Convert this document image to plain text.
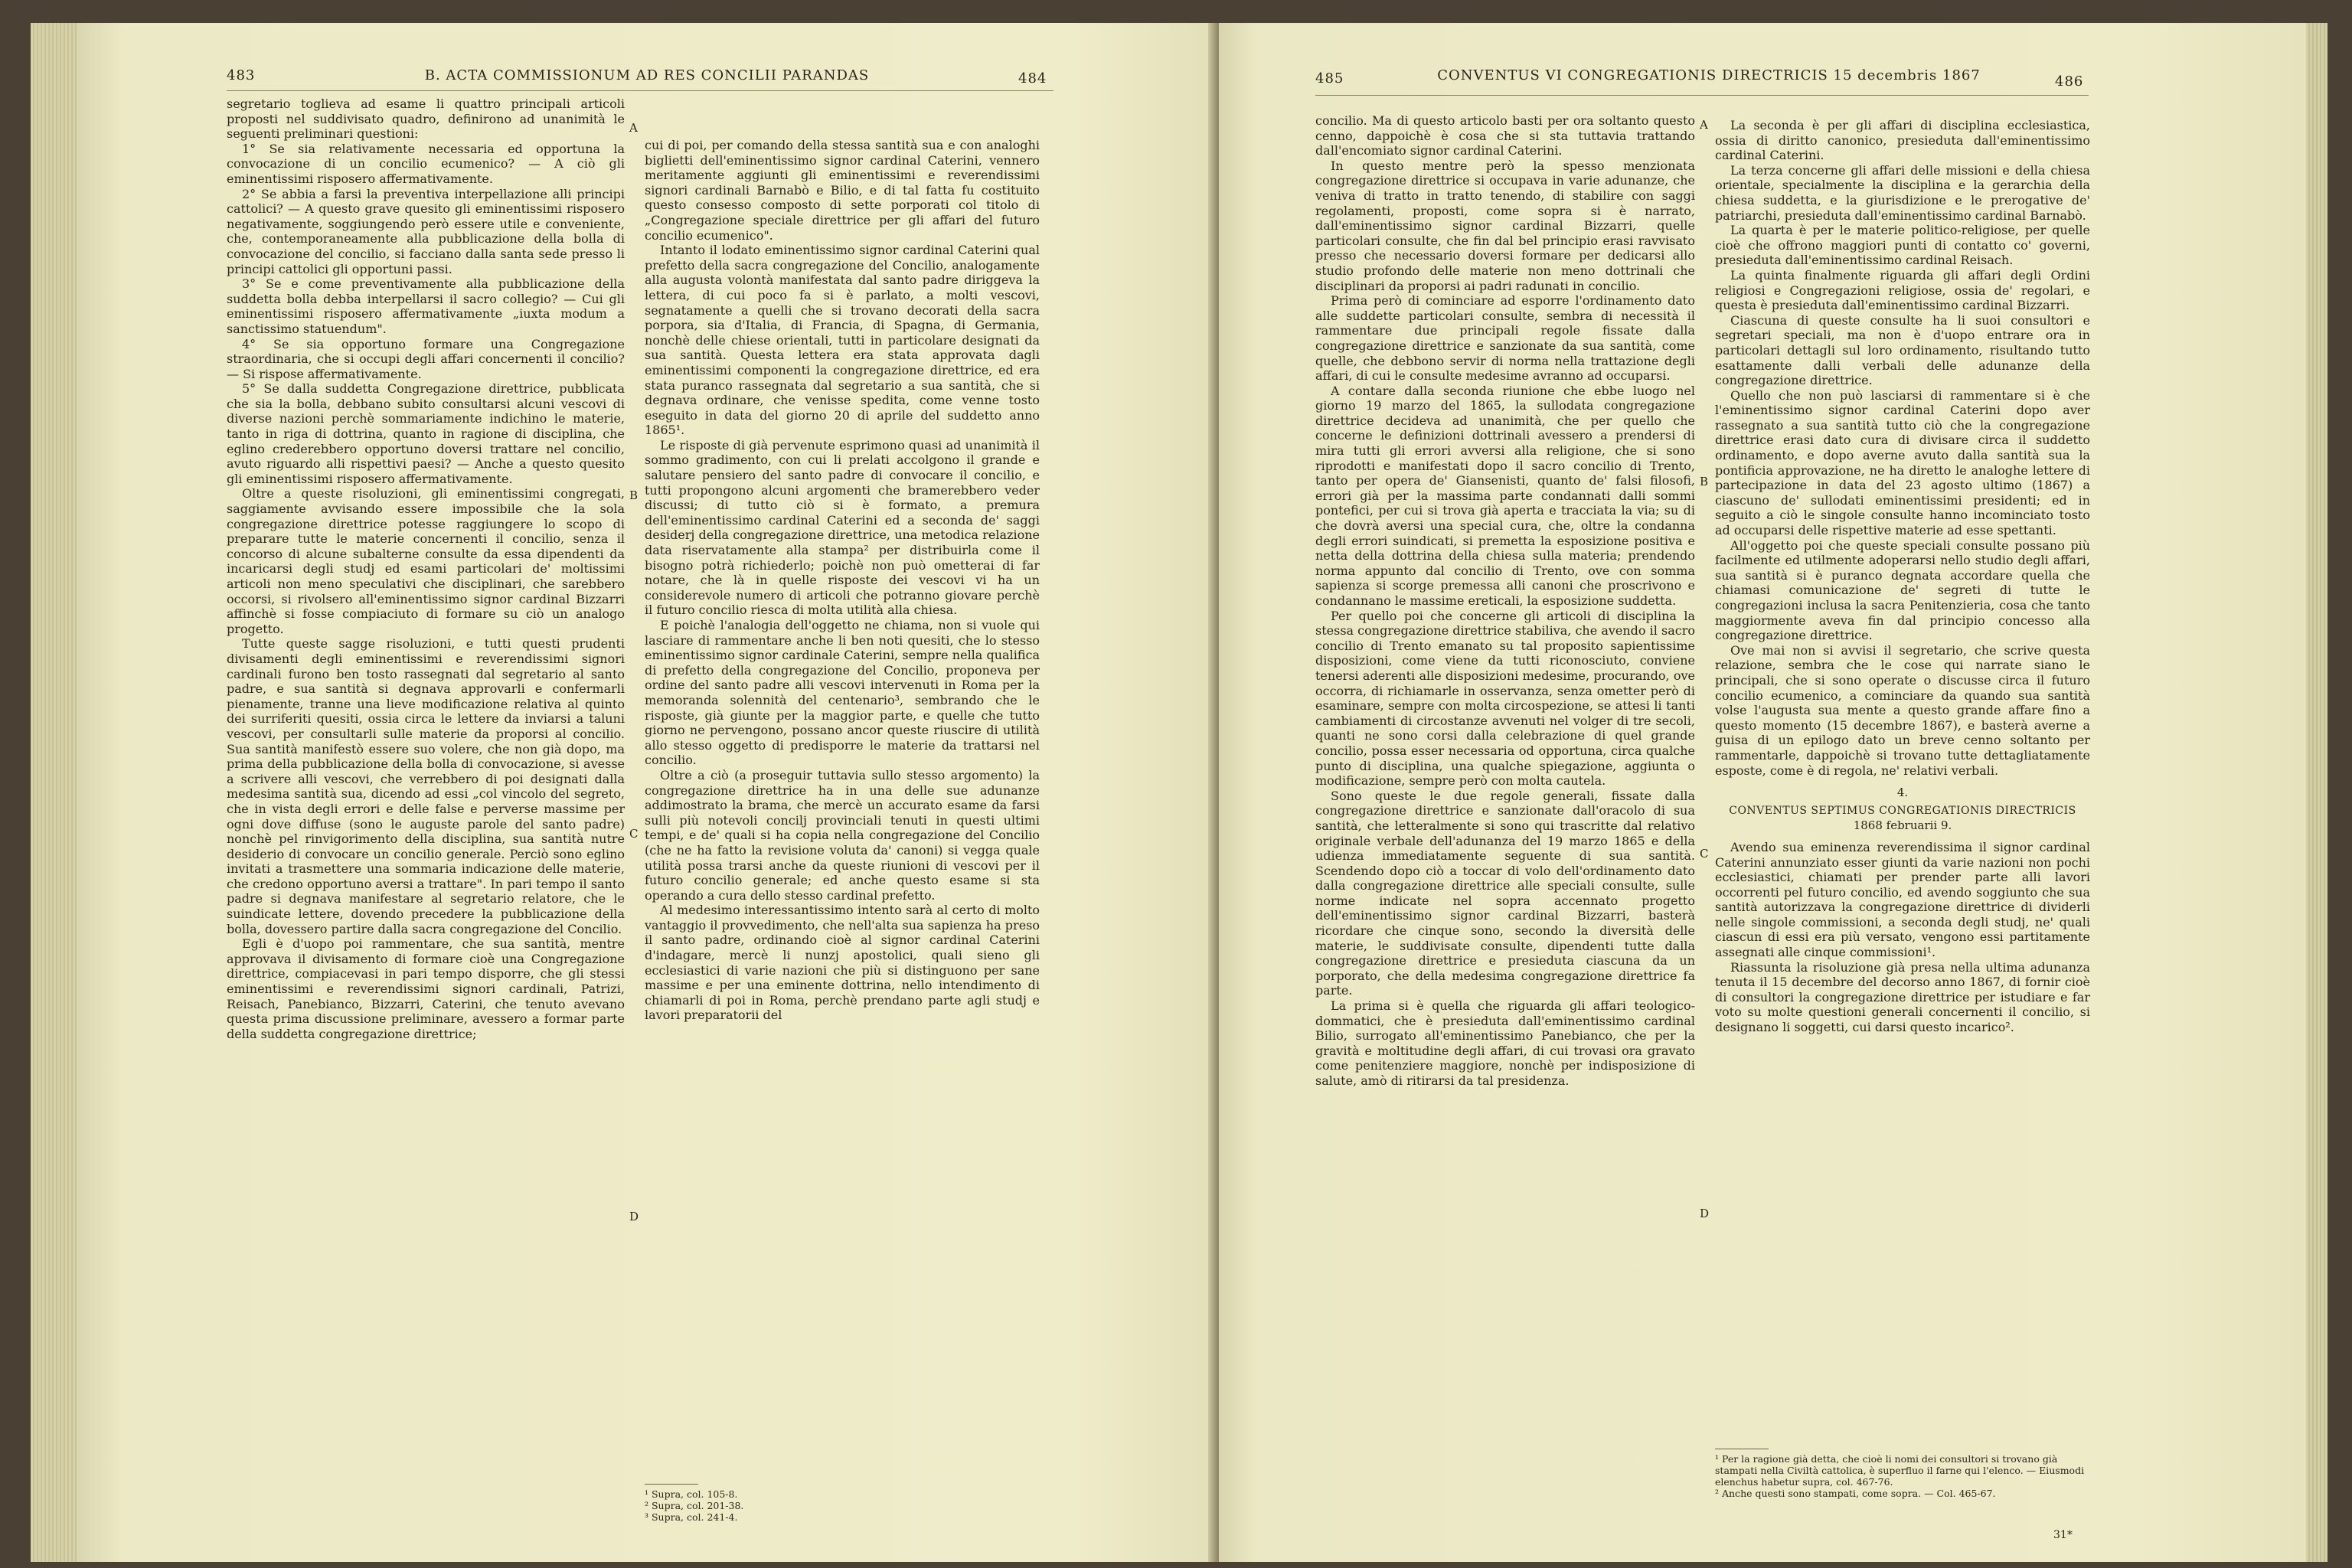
483	B. ACTA COMMISSIONUM AD RES CONCILII PARANDAS	484

segretario toglieva ad esame li quattro principali articoli proposti nel suddivisato quadro, definirono ad unanimità le seguenti preliminari questioni:

1° Se sia relativamente necessaria ed opportuna la convocazione di un concilio ecumenico? — A ciò gli eminentissimi risposero affermativamente.

2° Se abbia a farsi la preventiva interpellazione alli principi cattolici? — A questo grave quesito gli eminentissimi risposero negativamente, soggiungendo però essere utile e conveniente, che, contemporaneamente alla pubblicazione della bolla di convocazione del concilio, si facciano dalla santa sede presso li principi cattolici gli opportuni passi.

3° Se e come preventivamente alla pubblicazione della suddetta bolla debba interpellarsi il sacro collegio? — Cui gli eminentissimi risposero affermativamente „iuxta modum a sanctissimo statuendum".

4° Se sia opportuno formare una Congregazione straordinaria, che si occupi degli affari concernenti il concilio? — Si rispose affermativamente.

5° Se dalla suddetta Congregazione direttrice, pubblicata che sia la bolla, debbano subito consultarsi alcuni vescovi di diverse nazioni perchè sommariamente indichino le materie, tanto in riga di dottrina, quanto in ragione di disciplina, che eglino crederebbero opportuno doversi trattare nel concilio, avuto riguardo alli rispettivi paesi? — Anche a questo quesito gli eminentissimi risposero affermativamente.

Oltre a queste risoluzioni, gli eminentissimi congregati, saggiamente avvisando essere impossibile che la sola congregazione direttrice potesse raggiungere lo scopo di preparare tutte le materie concernenti il concilio, senza il concorso di alcune subalterne consulte da essa dipendenti da incaricarsi degli studj ed esami particolari de' moltissimi articoli non meno speculativi che disciplinari, che sarebbero occorsi, si rivolsero all'eminentissimo signor cardinal Bizzarri affinchè si fosse compiaciuto di formare su ciò un analogo progetto.

Tutte queste sagge risoluzioni, e tutti questi prudenti divisamenti degli eminentissimi e reverendissimi signori cardinali furono ben tosto rassegnati dal segretario al santo padre, e sua santità si degnava approvarli e confermarli pienamente, tranne una lieve modificazione relativa al quinto dei surriferiti quesiti, ossia circa le lettere da inviarsi a taluni vescovi, per consultarli sulle materie da proporsi al concilio. Sua santità manifestò essere suo volere, che non già dopo, ma prima della pubblicazione della bolla di convocazione, si avesse a scrivere alli vescovi, che verrebbero di poi designati dalla medesima santità sua, dicendo ad essi „col vincolo del segreto, che in vista degli errori e delle false e perverse massime per ogni dove diffuse (sono le auguste parole del santo padre) nonchè pel rinvigorimento della disciplina, sua santità nutre desiderio di convocare un concilio generale. Perciò sono eglino invitati a trasmettere una sommaria indicazione delle materie, che credono opportuno aversi a trattare". In pari tempo il santo padre si degnava manifestare al segretario relatore, che le suindicate lettere, dovendo precedere la pubblicazione della bolla, dovessero partire dalla sacra congregazione del Concilio.

Egli è d'uopo poi rammentare, che sua santità, mentre approvava il divisamento di formare cioè una Congregazione direttrice, compiacevasi in pari tempo disporre, che gli stessi eminentissimi e reverendissimi signori cardinali, Patrizi, Reisach, Panebianco, Bizzarri, Caterini, che tenuto avevano questa prima discussione preliminare, avessero a formar parte della suddetta congregazione direttrice;

A
B
C
D

cui di poi, per comando della stessa santità sua e con analoghi biglietti dell'eminentissimo signor cardinal Caterini, vennero meritamente aggiunti gli eminentissimi e reverendissimi signori cardinali Barnabò e Bilio, e di tal fatta fu costituito questo consesso composto di sette porporati col titolo di „Congregazione speciale direttrice per gli affari del futuro concilio ecumenico".

Intanto il lodato eminentissimo signor cardinal Caterini qual prefetto della sacra congregazione del Concilio, analogamente alla augusta volontà manifestata dal santo padre diriggeva la lettera, di cui poco fa si è parlato, a molti vescovi, segnatamente a quelli che si trovano decorati della sacra porpora, sia d'Italia, di Francia, di Spagna, di Germania, nonchè delle chiese orientali, tutti in particolare designati da sua santità. Questa lettera era stata approvata dagli eminentissimi componenti la congregazione direttrice, ed era stata puranco rassegnata dal segretario a sua santità, che si degnava ordinare, che venisse spedita, come venne tosto eseguito in data del giorno 20 di aprile del suddetto anno 1865¹.

Le risposte di già pervenute esprimono quasi ad unanimità il sommo gradimento, con cui li prelati accolgono il grande e salutare pensiero del santo padre di convocare il concilio, e tutti propongono alcuni argomenti che bramerebbero veder discussi; di tutto ciò si è formato, a premura dell'eminentissimo cardinal Caterini ed a seconda de' saggi desiderj della congregazione direttrice, una metodica relazione data riservatamente alla stampa² per distribuirla come il bisogno potrà richiederlo; poichè non può ometterai di far notare, che là in quelle risposte dei vescovi vi ha un considerevole numero di articoli che potranno giovare perchè il futuro concilio riesca di molta utilità alla chiesa.

E poichè l'analogia dell'oggetto ne chiama, non si vuole qui lasciare di rammentare anche li ben noti quesiti, che lo stesso eminentissimo signor cardinale Caterini, sempre nella qualifica di prefetto della congregazione del Concilio, proponeva per ordine del santo padre alli vescovi intervenuti in Roma per la memoranda solennità del centenario³, sembrando che le risposte, già giunte per la maggior parte, e quelle che tutto giorno ne pervengono, possano ancor queste riuscire di utilità allo stesso oggetto di predisporre le materie da trattarsi nel concilio.

Oltre a ciò (a proseguir tuttavia sullo stesso argomento) la congregazione direttrice ha in una delle sue adunanze addimostrato la brama, che mercè un accurato esame da farsi sulli più notevoli concilj provinciali tenuti in questi ultimi tempi, e de' quali si ha copia nella congregazione del Concilio (che ne ha fatto la revisione voluta da' canoni) si vegga quale utilità possa trarsi anche da queste riunioni di vescovi per il futuro concilio generale; ed anche questo esame si sta operando a cura dello stesso cardinal prefetto.

Al medesimo interessantissimo intento sarà al certo di molto vantaggio il provvedimento, che nell'alta sua sapienza ha preso il santo padre, ordinando cioè al signor cardinal Caterini d'indagare, mercè li nunzj apostolici, quali sieno gli ecclesiastici di varie nazioni che più si distinguono per sane massime e per una eminente dottrina, nello intendimento di chiamarli di poi in Roma, perchè prendano parte agli studj e lavori preparatorii del

¹ Supra, col. 105-8.
² Supra, col. 201-38.
³ Supra, col. 241-4.
485	CONVENTUS VI CONGREGATIONIS DIRECTRICIS 15 decembris 1867	486

concilio. Ma di questo articolo basti per ora soltanto questo cenno, dappoichè è cosa che si sta tuttavia trattando dall'encomiato signor cardinal Caterini.

In questo mentre però la spesso menzionata congregazione direttrice si occupava in varie adunanze, che veniva di tratto in tratto tenendo, di stabilire con saggi regolamenti, proposti, come sopra si è narrato, dall'eminentissimo signor cardinal Bizzarri, quelle particolari consulte, che fin dal bel principio erasi ravvisato presso che necessario doversi formare per dedicarsi allo studio profondo delle materie non meno dottrinali che disciplinari da proporsi ai padri radunati in concilio.

Prima però di cominciare ad esporre l'ordinamento dato alle suddette particolari consulte, sembra di necessità il rammentare due principali regole fissate dalla congregazione direttrice e sanzionate da sua santità, come quelle, che debbono servir di norma nella trattazione degli affari, di cui le consulte medesime avranno ad occuparsi.

A contare dalla seconda riunione che ebbe luogo nel giorno 19 marzo del 1865, la sullodata congregazione direttrice decideva ad unanimità, che per quello che concerne le definizioni dottrinali avessero a prendersi di mira tutti gli errori avversi alla religione, che si sono riprodotti e manifestati dopo il sacro concilio di Trento, tanto per opera de' Giansenisti, quanto de' falsi filosofi, errori già per la massima parte condannati dalli sommi pontefici, per cui si trova già aperta e tracciata la via; su di che dovrà aversi una special cura, che, oltre la condanna degli errori suindicati, si premetta la esposizione positiva e netta della dottrina della chiesa sulla materia; prendendo norma appunto dal concilio di Trento, ove con somma sapienza si scorge premessa alli canoni che proscrivono e condannano le massime ereticali, la esposizione suddetta.

Per quello poi che concerne gli articoli di disciplina la stessa congregazione direttrice stabiliva, che avendo il sacro concilio di Trento emanato su tal proposito sapientissime disposizioni, come viene da tutti riconosciuto, conviene tenersi aderenti alle disposizioni medesime, procurando, ove occorra, di richiamarle in osservanza, senza ometter però di esaminare, sempre con molta circospezione, se attesi li tanti cambiamenti di circostanze avvenuti nel volger di tre secoli, quanti ne sono corsi dalla celebrazione di quel grande concilio, possa esser necessaria od opportuna, circa qualche punto di disciplina, una qualche spiegazione, aggiunta o modificazione, sempre però con molta cautela.

Sono queste le due regole generali, fissate dalla congregazione direttrice e sanzionate dall'oracolo di sua santità, che letteralmente si sono qui trascritte dal relativo originale verbale dell'adunanza del 19 marzo 1865 e della udienza immediatamente seguente di sua santità. Scendendo dopo ciò a toccar di volo dell'ordinamento dato dalla congregazione direttrice alle speciali consulte, sulle norme indicate nel sopra accennato progetto dell'eminentissimo signor cardinal Bizzarri, basterà ricordare che cinque sono, secondo la diversità delle materie, le suddivisate consulte, dipendenti tutte dalla congregazione direttrice e presieduta ciascuna da un porporato, che della medesima congregazione direttrice fa parte.

La prima si è quella che riguarda gli affari teologico-dommatici, che è presieduta dall'eminentissimo cardinal Bilio, surrogato all'eminentissimo Panebianco, che per la gravità e moltitudine degli affari, di cui trovasi ora gravato come penitenziere maggiore, nonchè per indisposizione di salute, amò di ritirarsi da tal presidenza.

A
B
C
D

La seconda è per gli affari di disciplina ecclesiastica, ossia di diritto canonico, presieduta dall'eminentissimo cardinal Caterini.

La terza concerne gli affari delle missioni e della chiesa orientale, specialmente la disciplina e la gerarchia della chiesa suddetta, e la giurisdizione e le prerogative de' patriarchi, presieduta dall'eminentissimo cardinal Barnabò.

La quarta è per le materie politico-religiose, per quelle cioè che offrono maggiori punti di contatto co' governi, presieduta dall'eminentissimo cardinal Reisach.

La quinta finalmente riguarda gli affari degli Ordini religiosi e Congregazioni religiose, ossia de' regolari, e questa è presieduta dall'eminentissimo cardinal Bizzarri.

Ciascuna di queste consulte ha li suoi consultori e segretari speciali, ma non è d'uopo entrare ora in particolari dettagli sul loro ordinamento, risultando tutto esattamente dalli verbali delle adunanze della congregazione direttrice.

Quello che non può lasciarsi di rammentare si è che l'eminentissimo signor cardinal Caterini dopo aver rassegnato a sua santità tutto ciò che la congregazione direttrice erasi dato cura di divisare circa il suddetto ordinamento, e dopo averne avuto dalla santità sua la pontificia approvazione, ne ha diretto le analoghe lettere di partecipazione in data del 23 agosto ultimo (1867) a ciascuno de' sullodati eminentissimi presidenti; ed in seguito a ciò le singole consulte hanno incominciato tosto ad occuparsi delle rispettive materie ad esse spettanti.

All'oggetto poi che queste speciali consulte possano più facilmente ed utilmente adoperarsi nello studio degli affari, sua santità si è puranco degnata accordare quella che chiamasi comunicazione de' segreti di tutte le congregazioni inclusa la sacra Penitenzieria, cosa che tanto maggiormente aveva fin dal principio concesso alla congregazione direttrice.

Ove mai non si avvisi il segretario, che scrive questa relazione, sembra che le cose qui narrate siano le principali, che si sono operate o discusse circa il futuro concilio ecumenico, a cominciare da quando sua santità volse l'augusta sua mente a questo grande affare fino a questo momento (15 decembre 1867), e basterà averne a guisa di un epilogo dato un breve cenno soltanto per rammentarle, dappoichè si trovano tutte dettagliatamente esposte, come è di regola, ne' relativi verbali.

4.

CONVENTUS SEPTIMUS CONGREGATIONIS DIRECTRICIS

1868 februarii 9.

Avendo sua eminenza reverendissima il signor cardinal Caterini annunziato esser giunti da varie nazioni non pochi ecclesiastici, chiamati per prender parte alli lavori occorrenti pel futuro concilio, ed avendo soggiunto che sua santità autorizzava la congregazione direttrice di dividerli nelle singole commissioni, a seconda degli studj, ne' quali ciascun di essi era più versato, vengono essi partitamente assegnati alle cinque commissioni¹.

Riassunta la risoluzione già presa nella ultima adunanza tenuta il 15 decembre del decorso anno 1867, di fornir cioè di consultori la congregazione direttrice per istudiare e far voto su molte questioni generali concernenti il concilio, si designano li soggetti, cui darsi questo incarico².

¹ Per la ragione già detta, che cioè li nomi dei consultori si trovano già stampati nella Civiltà cattolica, è superfluo il farne qui l'elenco. — Eiusmodi elenchus habetur supra, col. 467-76.
² Anche questi sono stampati, come sopra. — Col. 465-67.
31*
